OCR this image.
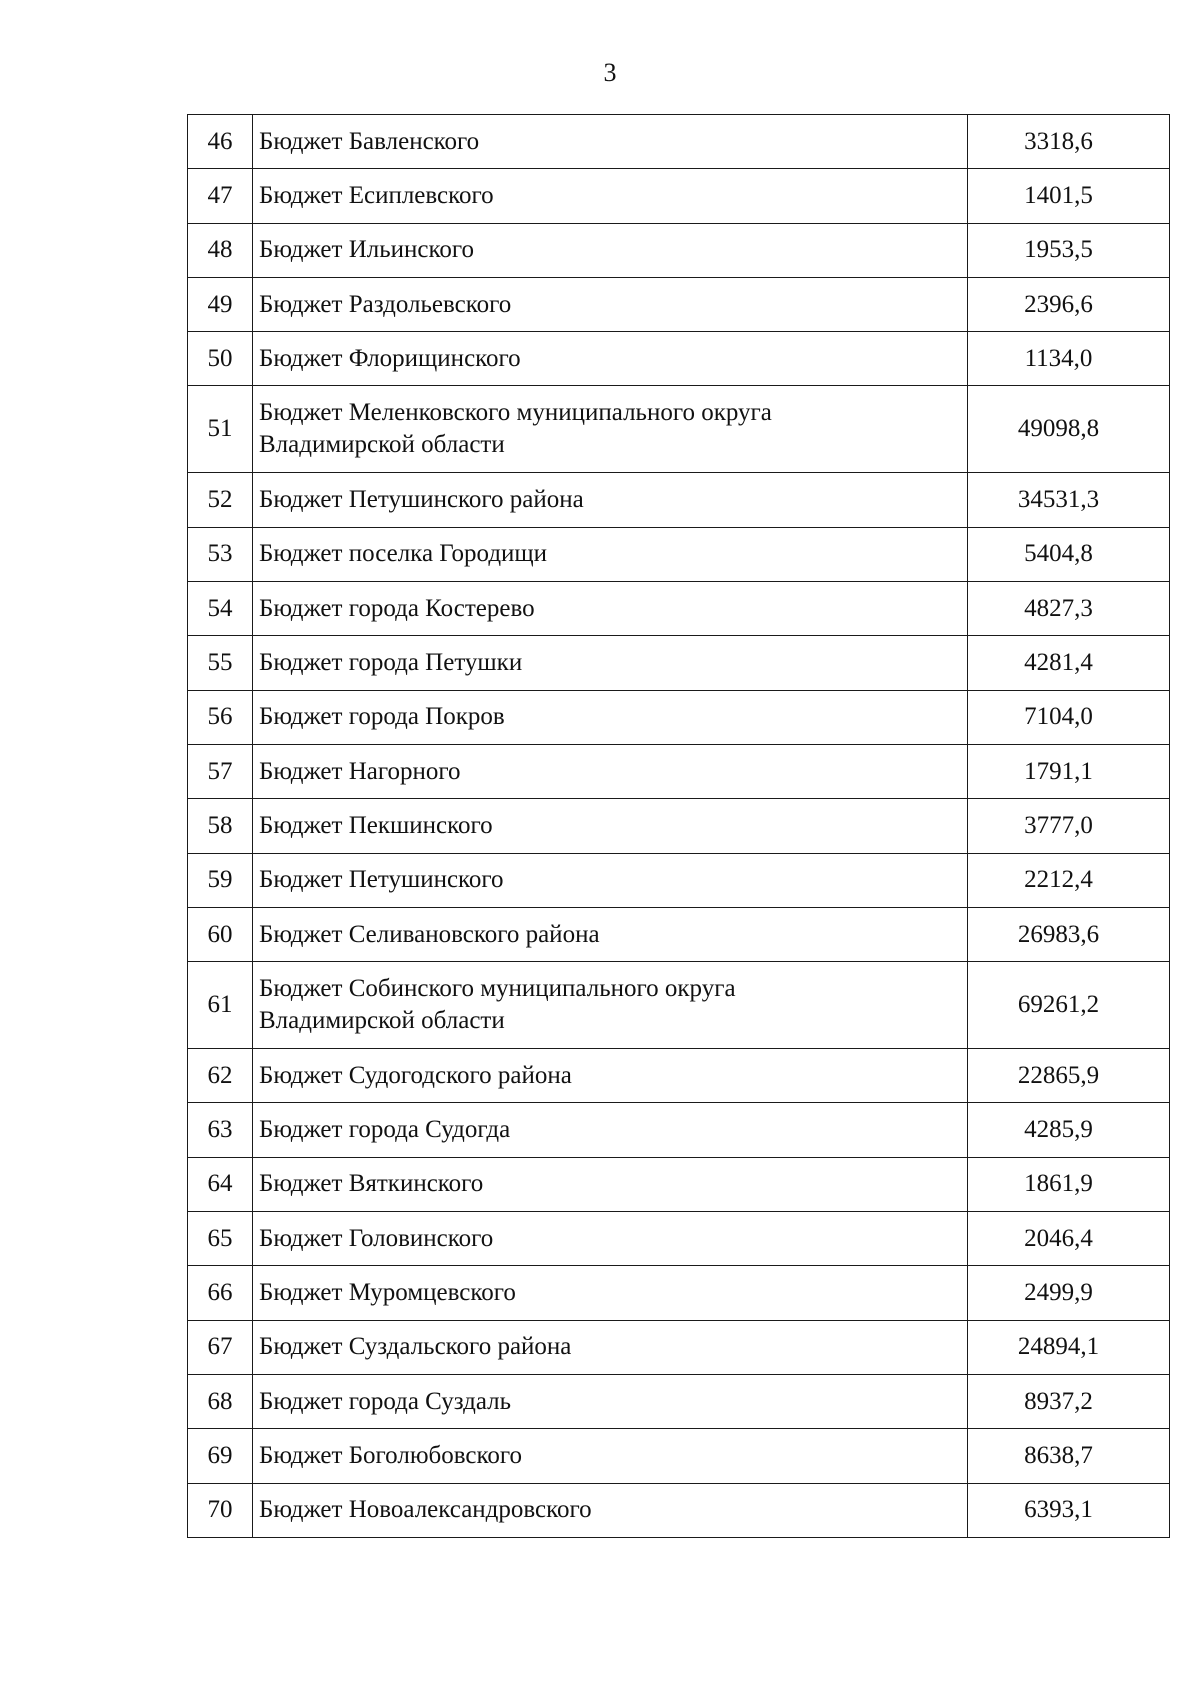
3
46	Бюджет Бавленского	3318,6
47	Бюджет Есиплевского	1401,5
48	Бюджет Ильинского	1953,5
49	Бюджет Раздольевского	2396,6
50	Бюджет Флорищинского	1134,0
51	Бюджет Меленковского муниципального округа
Владимирской области	49098,8
52	Бюджет Петушинского района	34531,3
53	Бюджет поселка Городищи	5404,8
54	Бюджет города Костерево	4827,3
55	Бюджет города Петушки	4281,4
56	Бюджет города Покров	7104,0
57	Бюджет Нагорного	1791,1
58	Бюджет Пекшинского	3777,0
59	Бюджет Петушинского	2212,4
60	Бюджет Селивановского района	26983,6
61	Бюджет Собинского муниципального округа
Владимирской области	69261,2
62	Бюджет Судогодского района	22865,9
63	Бюджет города Судогда	4285,9
64	Бюджет Вяткинского	1861,9
65	Бюджет Головинского	2046,4
66	Бюджет Муромцевского	2499,9
67	Бюджет Суздальского района	24894,1
68	Бюджет города Суздаль	8937,2
69	Бюджет Боголюбовского	8638,7
70	Бюджет Новоалександровского	6393,1
